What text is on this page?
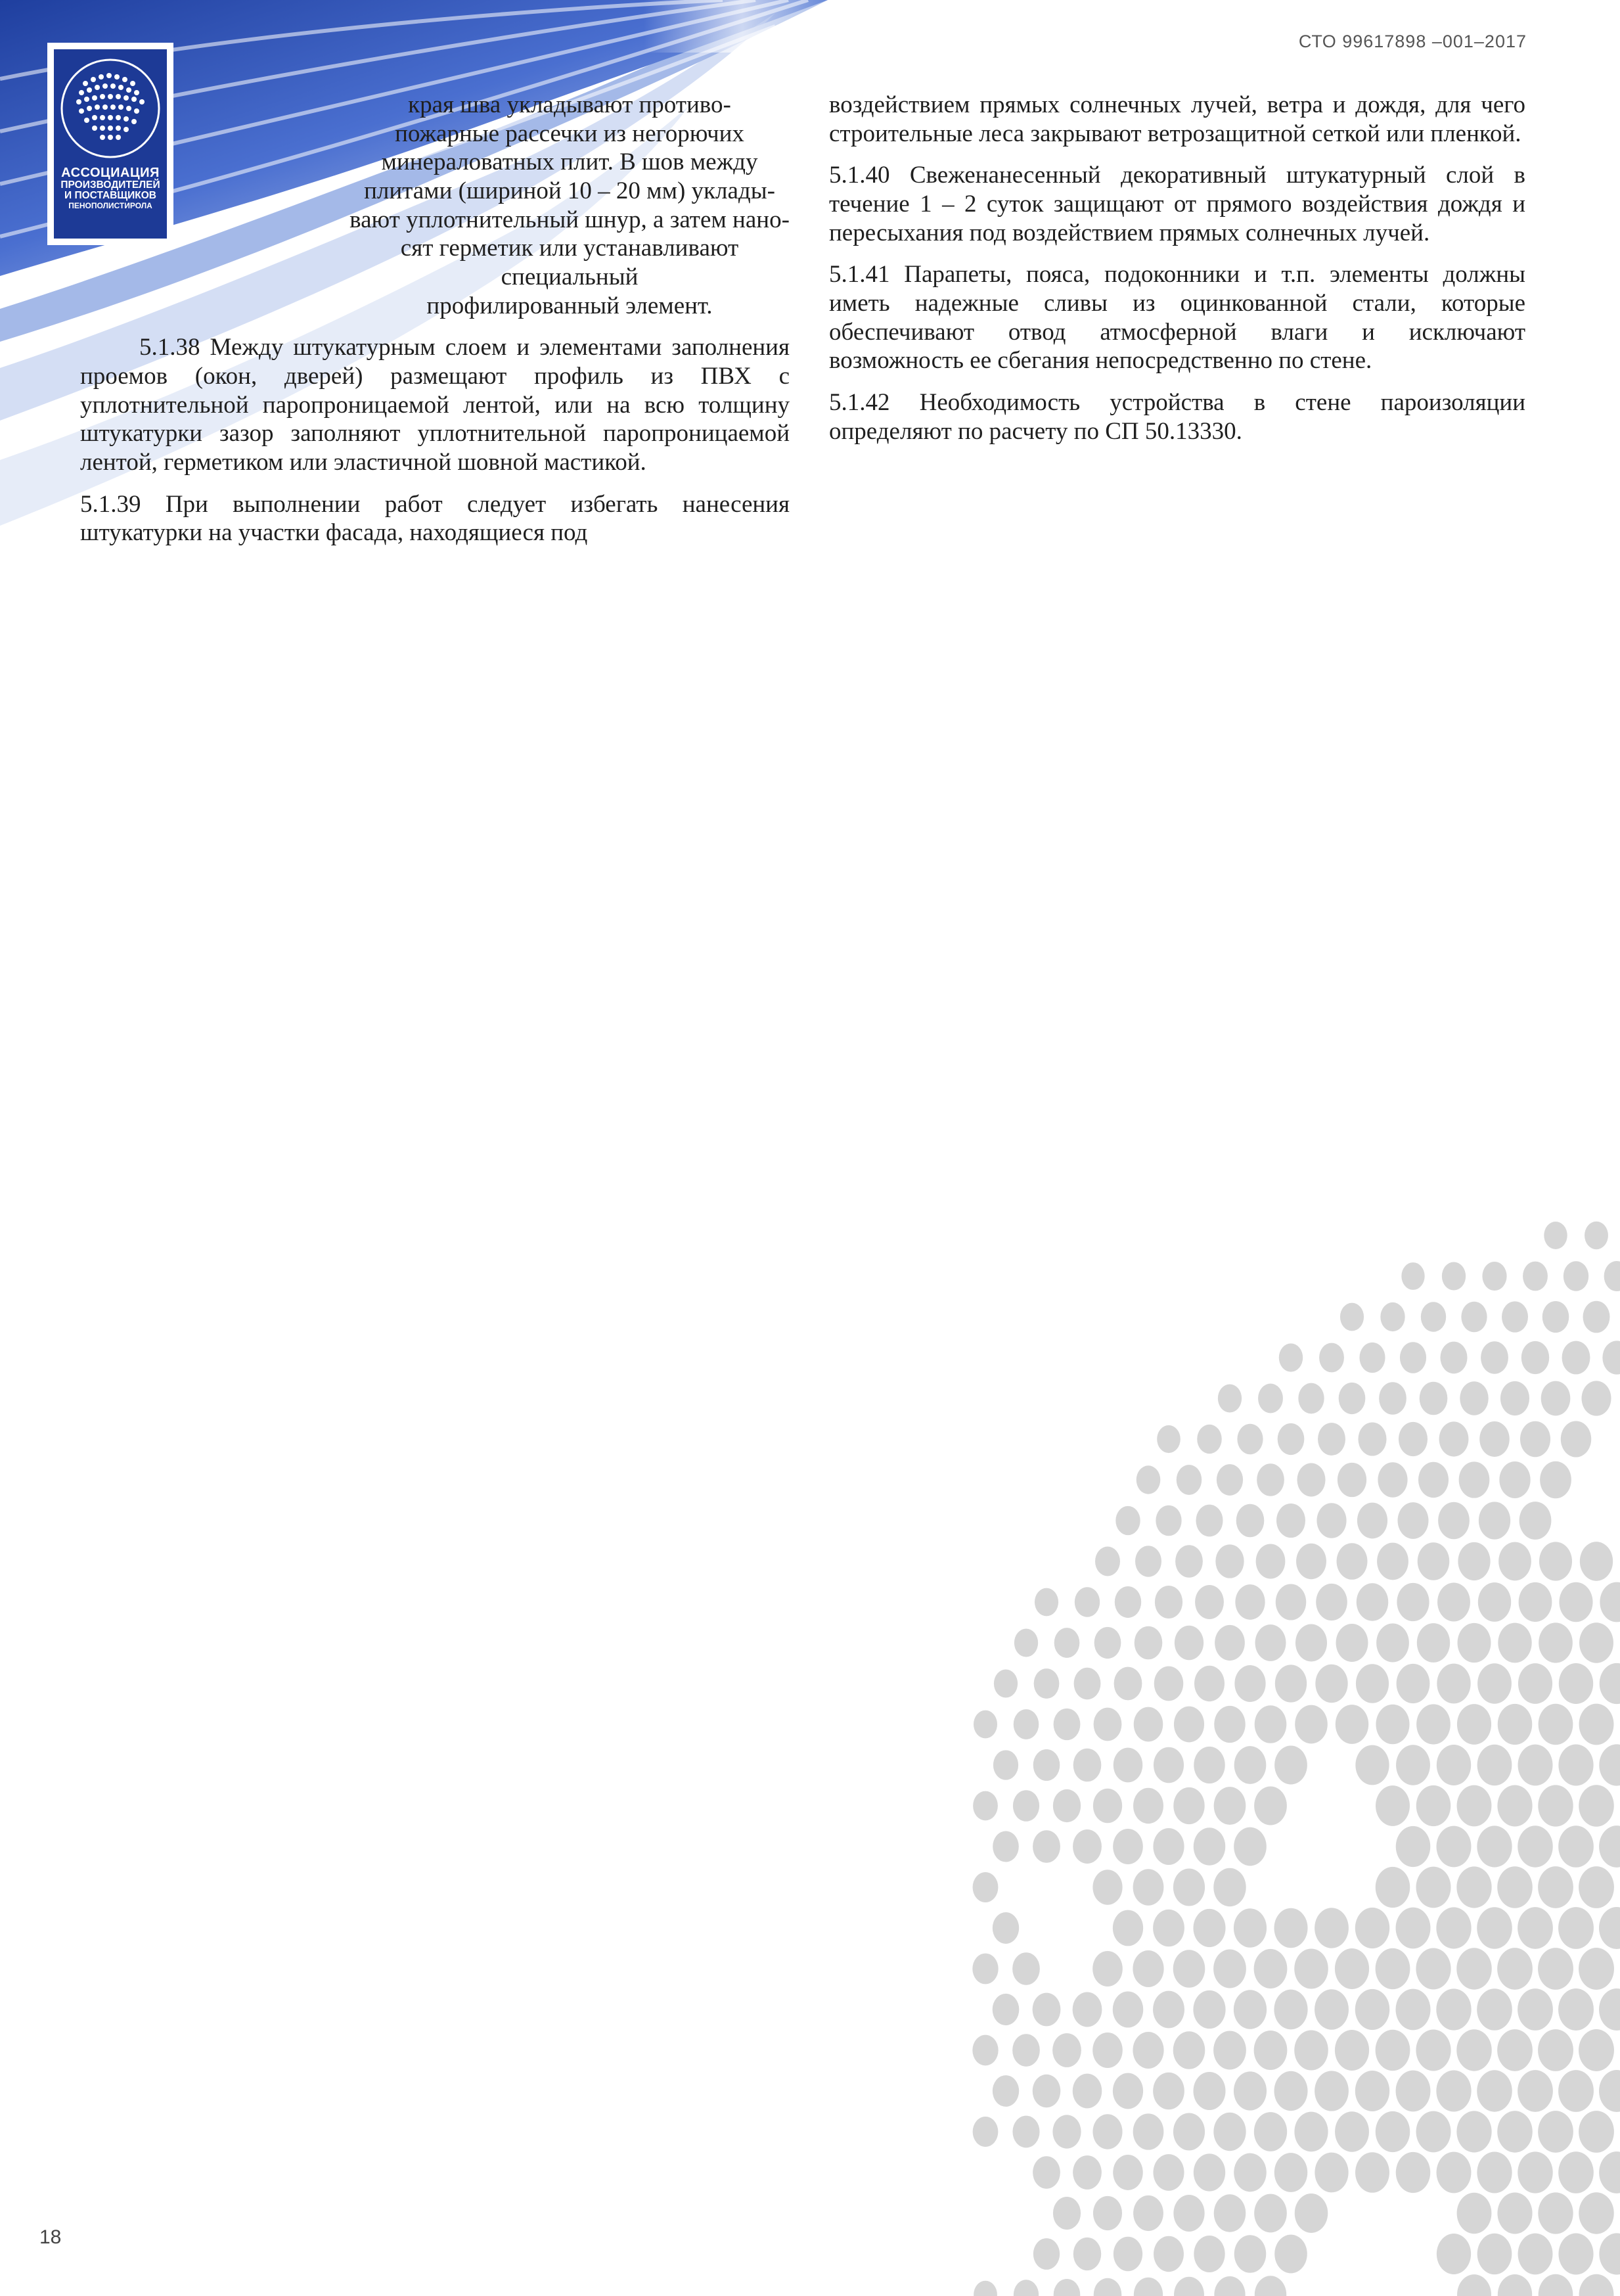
АССОЦИАЦИЯ
ПРОИЗВОДИТЕЛЕЙ
И ПОСТАВЩИКОВ
ПЕНОПОЛИСТИРОЛА
СТО 99617898 –001–2017
края шва укладывают противо-
пожарные рассечки из негорючих
минераловатных плит. В шов между
плитами (шириной 10 – 20 мм) уклады-
вают уплотнительный шнур, а затем нано-
сят герметик или устанавливают специальный
профилированный элемент.

5.1.38 Между штукатурным слоем и элементами заполнения проемов (окон, дверей) размещают профиль из ПВХ с уплотнительной паропроницаемой лентой, или на всю толщину штукатурки зазор заполняют уплотнительной паропроницаемой лентой, герметиком или эластичной шовной мастикой.

5.1.39 При выполнении работ следует избегать нанесения штукатурки на участки фасада, находящиеся под

воздействием прямых солнечных лучей, ветра и дождя, для чего строительные леса закрывают ветрозащитной сеткой или пленкой.

5.1.40 Свеженанесенный декоративный штукатурный слой в течение 1 – 2 суток защищают от прямого воздействия дождя и пересыхания под воздействием прямых солнечных лучей.

5.1.41 Парапеты, пояса, подоконники и т.п. элементы должны иметь надежные сливы из оцинкованной стали, которые обеспечивают отвод атмосферной влаги и исключают возможность ее сбегания непосредственно по стене.

5.1.42 Необходимость устройства в стене пароизоляции определяют по расчету по СП 50.13330.

18
